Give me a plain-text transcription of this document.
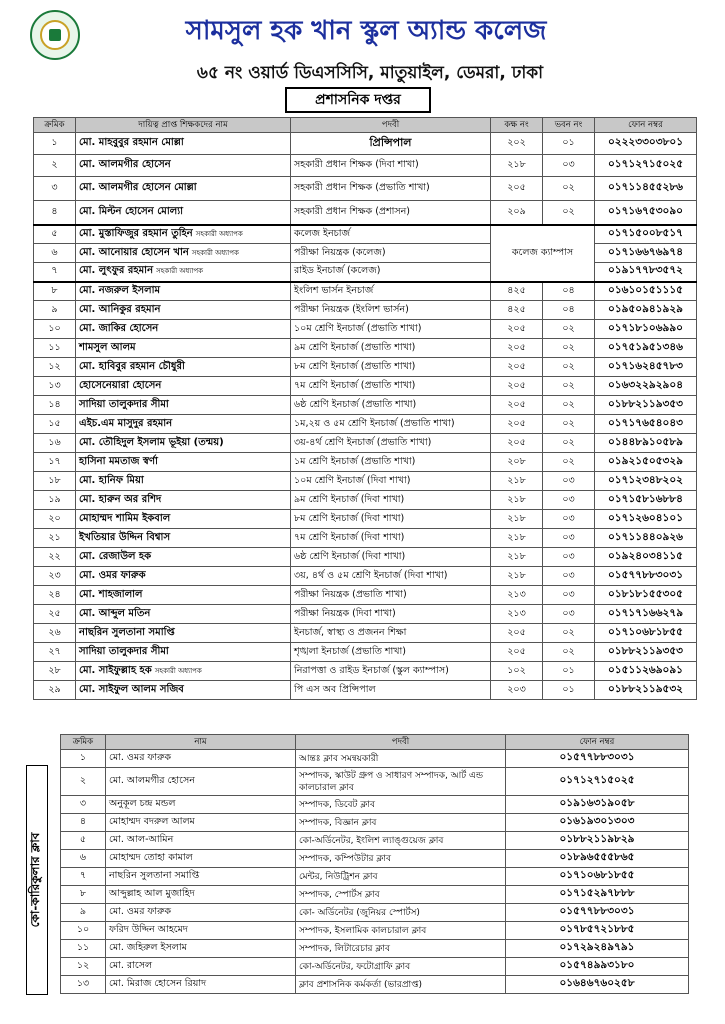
সামসুল হক খান স্কুল অ্যান্ড কলেজ
৬৫ নং ওয়ার্ড ডিএসসিসি, মাতুয়াইল, ডেমরা, ঢাকা
প্রশাসনিক দপ্তর
ক্রমিক	দায়িত্ব প্রাপ্ত শিক্ষকদের নাম	পদবী	কক্ষ নং	ভবন নং	ফোন নম্বর
১	মো. মাহবুবুর রহমান মোল্লা	প্রিন্সিপাল	২০২	০১	০২২২৩৩০৩৮০১
২	মো. আলমগীর হোসেন	সহকারী প্রধান শিক্ষক (দিবা শাখা)	২১৮	০৩	০১৭১২৭১৫০২৫
৩	মো. আলমগীর হোসেন মোল্লা	সহকারী প্রধান শিক্ষক (প্রভাতি শাখা)	২০৫	০২	০১৭১১৪৫৫২৮৬
৪	মো. মিল্টন হোসেন মোল্যা	সহকারী প্রধান শিক্ষক (প্রশাসন)	২০৯	০২	০১৭১৬৭৫৩০৯০
৫	মো. মুস্তাফিজুর রহমান তুহিন সহকারী অধ্যাপক	কলেজ ইনচার্জ	কলেজ ক্যাম্পাস		০১৭১৫০০৮৫১৭
৬	মো. আনোয়ার হোসেন খান সহকারী অধ্যাপক	পরীক্ষা নিয়ন্ত্রক (কলেজ)			০১৭১৬৬৭৬৯৭৪
৭	মো. লুৎফুর রহমান সহকারী অধ্যাপক	রাইড ইনচার্জ (কলেজ)			০১৯১৭৭৮৩৫৭২
৮	মো. নজরুল ইসলাম	ইংলিশ ভার্সন ইনচার্জ	৪২৫	০৪	০১৬১০১৫১১১৫
৯	মো. আনিকুর রহমান	পরীক্ষা নিয়ন্ত্রক (ইংলিশ ভার্সন)	৪২৫	০৪	০১৯৫০৯৪১৯২৯
১০	মো. জাকির হোসেন	১০ম শ্রেণি ইনচার্জ (প্রভাতি শাখা)	২০৫	০২	০১৭১৮১০৬৯৯০
১১	শামসুল আলম	৯ম শ্রেণি ইনচার্জ (প্রভাতি শাখা)	২০৫	০২	০১৭৫১৯৫১৩৪৬
১২	মো. হাবিবুর রহমান চৌধুরী	৮ম শ্রেণি ইনচার্জ (প্রভাতি শাখা)	২০৫	০২	০১৭১৬২৪৫৭৮৩
১৩	হোসেনেয়ারা হোসেন	৭ম শ্রেণি ইনচার্জ (প্রভাতি শাখা)	২০৫	০২	০১৬৩২২৯২৯০৪
১৪	সাদিয়া তালুকদার সীমা	৬ষ্ঠ শ্রেণি ইনচার্জ (প্রভাতি শাখা)	২০৫	০২	০১৮৮২১১৯৩৫৩
১৫	এইচ.এম মাসুদুর রহমান	১ম,২য় ও ৫ম শ্রেণি ইনচার্জ (প্রভাতি শাখা)	২০৫	০২	০১৭১৭৬৫৪০৪৩
১৬	মো. তৌহিদুল ইসলাম ভূইয়া (তন্ময়)	৩য়-৪র্থ শ্রেণি ইনচার্জ (প্রভাতি শাখা)	২০৫	০২	০১৪৪৮৯১০৫৮৯
১৭	হাসিনা মমতাজ স্বর্ণা	১ম শ্রেণি ইনচার্জ (প্রভাতি শাখা)	২০৮	০২	০১৯২১৫০৫৩২৯
১৮	মো. হানিফ মিয়া	১০ম শ্রেণি ইনচার্জ (দিবা শাখা)	২১৮	০৩	০১৭১২৩৪৮২০২
১৯	মো. হারুন অর রশিদ	৯ম শ্রেণি ইনচার্জ (দিবা শাখা)	২১৮	০৩	০১৭১৫৮১৬৮৮৪
২০	মোহাম্মদ শামিম ইকবাল	৮ম শ্রেণি ইনচার্জ (দিবা শাখা)	২১৮	০৩	০১৭১২৬০৪১০১
২১	ইখতিয়ার উদ্দিন বিশ্বাস	৭ম শ্রেণি ইনচার্জ (দিবা শাখা)	২১৮	০৩	০১৭১১৪৪০৯২৬
২২	মো. রেজাউল হক	৬ষ্ঠ শ্রেণি ইনচার্জ (দিবা শাখা)	২১৮	০৩	০১৯২৪০৩৪১১৫
২৩	মো. ওমর ফারুক	৩য়, ৪র্থ ও ৫ম শ্রেণি ইনচার্জ (দিবা শাখা)	২১৮	০৩	০১৫৭৭৮৮৩০৩১
২৪	মো. শাহজালাল	পরীক্ষা নিয়ন্ত্রক (প্রভাতি শাখা)	২১৩	০৩	০১৮১৮১৫৫৩০৫
২৫	মো. আব্দুল মতিন	পরীক্ষা নিয়ন্ত্রক (দিবা শাখা)	২১৩	০৩	০১৭১৭১৬৬২৭৯
২৬	নাছরিন সুলতানা সমাপ্তি	ইনচার্জ, স্বাস্থ্য ও প্রজনন শিক্ষা	২০৫	০২	০১৭১০৬৮১৮৫৫
২৭	সাদিয়া তালুকদার সীমা	শৃঙ্খলা ইনচার্জ (প্রভাতি শাখা)	২০৫	০২	০১৮৮২১১৯৩৫৩
২৮	মো. সাইফুল্লাহ হক সহকারী অধ্যাপক	নিরাপত্তা ও রাইড ইনচার্জ (স্কুল ক্যাম্পাস)	১০২	০১	০১৫১১২৬৯০৯১
২৯	মো. সাইফুল আলম সজিব	পি এস অব প্রিন্সিপাল	২০৩	০১	০১৮৮২১১৯৫৩২
কো-কারিকুলার ক্লাব
ক্রমিক	নাম	পদবী	ফোন নম্বর
১	মো. ওমর ফারুক	আন্তঃ ক্লাব সমন্বয়কারী	০১৫৭৭৮৮৩০৩১
২	মো. আলমগীর হোসেন	সম্পাদক, স্কাউট গ্রুপ ও সাধারণ সম্পাদক, আর্ট এন্ড কালচারাল ক্লাব	০১৭১২৭১৫০২৫
৩	অনুকূল চন্দ্র মন্ডল	সম্পাদক, ডিবেট ক্লাব	০১৯১৬৩১৯০৫৮
৪	মোহাম্মদ বদরুল আলম	সম্পাদক, বিজ্ঞান ক্লাব	০১৬১৯৩০১৩০৩
৫	মো. আল-আমিন	কো-অর্ডিনেটর, ইংলিশ ল্যাঙ্গুয়েজ ক্লাব	০১৮৮২১১৯৮২৯
৬	মোহাম্মদ তোহা কামাল	সম্পাদক, কম্পিউটার ক্লাব	০১৮৯৬৫৫৫৮৬৫
৭	নাছরিন সুলতানা সমাপ্তি	মেন্টর, নিউট্রিশন ক্লাব	০১৭১০৬৮১৮৫৫
৮	আব্দুল্লাহ আল মুজাহিদ	সম্পাদক, স্পোর্টস ক্লাব	০১৭১৫২৯৭৮৮৮
৯	মো. ওমর ফারুক	কো- অর্ডিনেটর (জুনিয়র স্পোর্টস)	০১৫৭৭৮৮৩০৩১
১০	ফরিদ উদ্দিন আহমেদ	সম্পাদক, ইসলামিক কালচারাল ক্লাব	০১৭৮৫৭২১৮৮৫
১১	মো. জহিরুল ইসলাম	সম্পাদক, লিটারেচার ক্লাব	০১৭২৯২৪৯৭৯১
১২	মো. রাসেল	কো-অর্ডিনেটর, ফটোগ্রাফি ক্লাব	০১৫৭৪৯৯৩১৮০
১৩	মো. মিরাজ হোসেন রিয়াদ	ক্লাব প্রশাসনিক কর্মকর্তা (ভারপ্রাপ্ত)	০১৬৪৬৭৬০২৫৮
